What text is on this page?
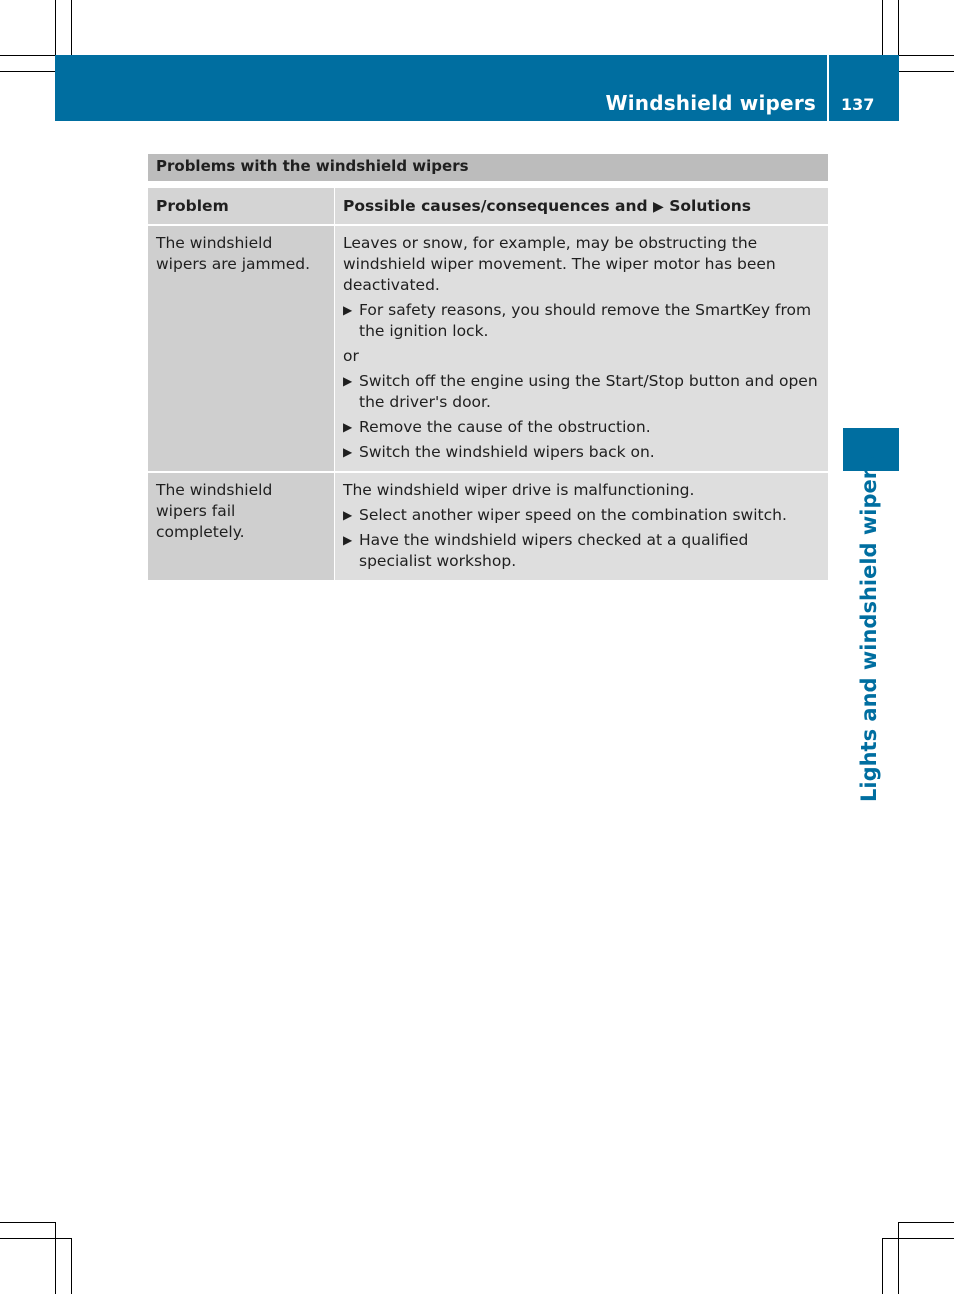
Windshield wipers 137
Lights and windshield wipers
Problems with the windshield wipers
Problem	Possible causes/consequences and ▶ Solutions

The windshield wipers are jammed.

Leaves or snow, for example, may be obstructing the windshield wiper movement. The wiper motor has been deactivated.

▶ For safety reasons, you should remove the SmartKey from the ignition lock.

or

▶ Switch off the engine using the Start/Stop button and open the driver's door.
▶ Remove the cause of the obstruction.
▶ Switch the windshield wipers back on.

The windshield wipers fail completely.

The windshield wiper drive is malfunctioning.

▶ Select another wiper speed on the combination switch.
▶ Have the windshield wipers checked at a qualified specialist workshop.
